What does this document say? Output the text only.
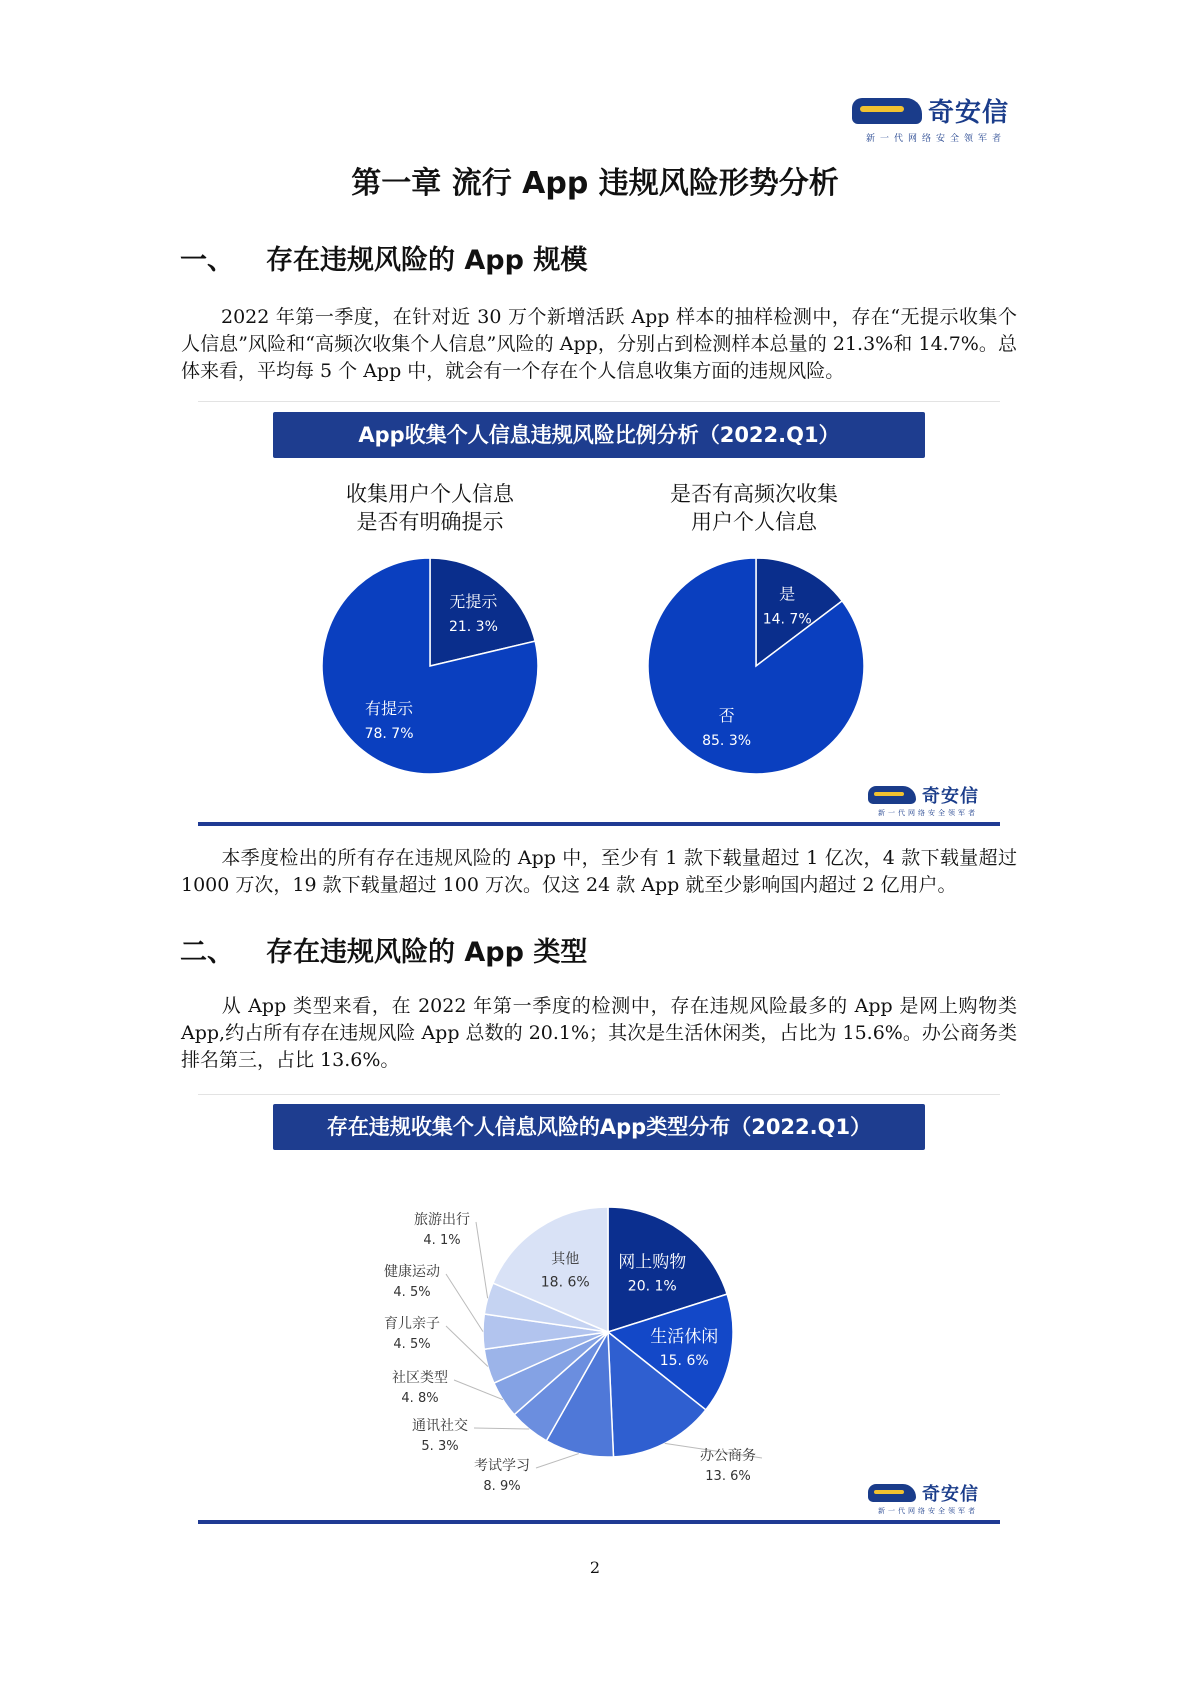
奇安信
新一代网络安全领军者
第一章 流行 App 违规风险形势分析
一、 存在违规风险的 App 规模
2022 年第一季度，在针对近 30 万个新增活跃 App 样本的抽样检测中，存在“无提示收集个人信息”风险和“高频次收集个人信息”风险的 App，分别占到检测样本总量的 21.3%和 14.7%。总体来看，平均每 5 个 App 中，就会有一个存在个人信息收集方面的违规风险。
App收集个人信息违规风险比例分析（2022.Q1）
收集用户个人信息
是否有明确提示
是否有高频次收集
用户个人信息
无提示
21. 3%
有提示
78. 7%
是
14. 7%
否
85. 3%
奇安信
新一代网络安全领军者
本季度检出的所有存在违规风险的 App 中，至少有 1 款下载量超过 1 亿次，4 款下载量超过 1000 万次，19 款下载量超过 100 万次。仅这 24 款 App 就至少影响国内超过 2 亿用户。
二、 存在违规风险的 App 类型
从 App 类型来看，在 2022 年第一季度的检测中，存在违规风险最多的 App 是网上购物类 App,约占所有存在违规风险 App 总数的 20.1%；其次是生活休闲类，占比为 15.6%。办公商务类排名第三，占比 13.6%。
存在违规收集个人信息风险的App类型分布（2022.Q1）
网上购物
20. 1%
生活休闲
15. 6%
办公商务
13. 6%
考试学习
8. 9%
通讯社交
5. 3%
社区类型
4. 8%
育儿亲子
4. 5%
健康运动
4. 5%
旅游出行
4. 1%
其他
18. 6%
奇安信
新一代网络安全领军者
2
